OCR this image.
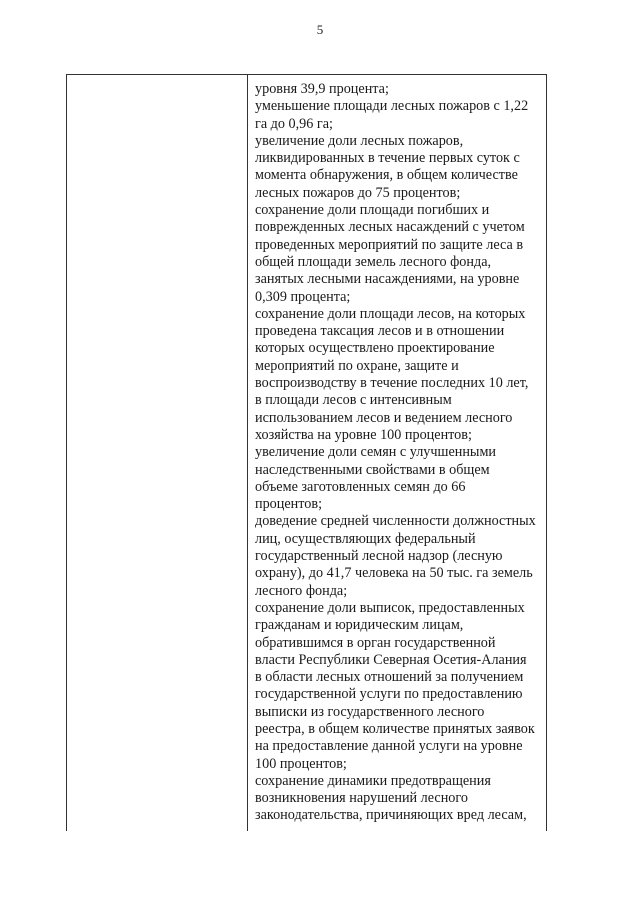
5
уровня 39,9 процента;
уменьшение площади лесных пожаров с 1,22
га до 0,96 га;
увеличение доли лесных пожаров,
ликвидированных в течение первых суток с
момента обнаружения, в общем количестве
лесных пожаров до 75 процентов;
сохранение доли площади погибших и
поврежденных лесных насаждений с учетом
проведенных мероприятий по защите леса в
общей площади земель лесного фонда,
занятых лесными насаждениями, на уровне
0,309 процента;
сохранение доли площади лесов, на которых
проведена таксация лесов и в отношении
которых осуществлено проектирование
мероприятий по охране, защите и
воспроизводству в течение последних 10 лет,
в площади лесов с интенсивным
использованием лесов и ведением лесного
хозяйства на уровне 100 процентов;
увеличение доли семян с улучшенными
наследственными свойствами в общем
объеме заготовленных семян до 66
процентов;
доведение средней численности должностных
лиц, осуществляющих федеральный
государственный лесной надзор (лесную
охрану), до 41,7 человека на 50 тыс. га земель
лесного фонда;
сохранение доли выписок, предоставленных
гражданам и юридическим лицам,
обратившимся в орган государственной
власти Республики Северная Осетия-Алания
в области лесных отношений за получением
государственной услуги по предоставлению
выписки из государственного лесного
реестра, в общем количестве принятых заявок
на предоставление данной услуги на уровне
100 процентов;
сохранение динамики предотвращения
возникновения нарушений лесного
законодательства, причиняющих вред лесам,
